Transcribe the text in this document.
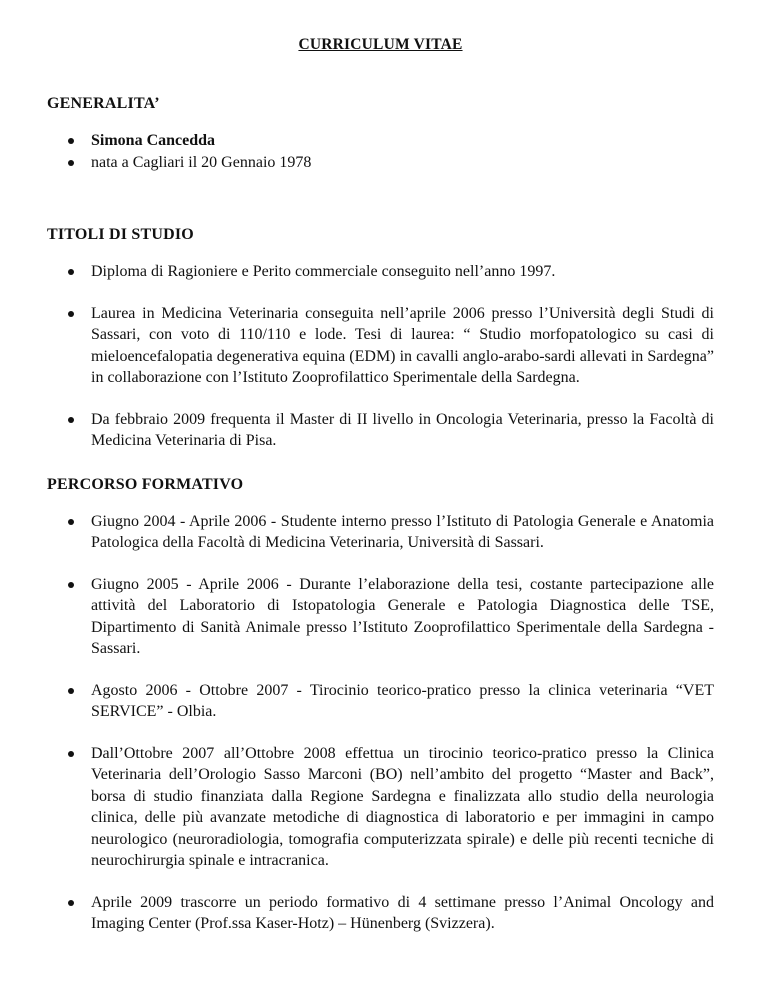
CURRICULUM VITAE
GENERALITA’
Simona Cancedda
nata a Cagliari il 20 Gennaio 1978
TITOLI DI STUDIO
Diploma di Ragioniere e Perito commerciale conseguito nell’anno 1997.
Laurea in Medicina Veterinaria conseguita nell’aprile 2006 presso l’Università degli Studi di Sassari, con voto di 110/110 e lode. Tesi di laurea: “ Studio morfopatologico su casi di mieloencefalopatia degenerativa equina (EDM) in cavalli anglo-arabo-sardi allevati in Sardegna” in collaborazione con l’Istituto Zooprofilattico Sperimentale della Sardegna.
Da febbraio 2009 frequenta il Master di II livello in Oncologia Veterinaria, presso la Facoltà di Medicina Veterinaria di Pisa.
PERCORSO FORMATIVO
Giugno 2004 - Aprile 2006 - Studente interno presso l’Istituto di Patologia Generale e Anatomia Patologica della Facoltà di Medicina Veterinaria, Università di Sassari.
Giugno 2005 - Aprile 2006 - Durante l’elaborazione della tesi, costante partecipazione alle attività del Laboratorio di Istopatologia Generale e Patologia Diagnostica delle TSE, Dipartimento di Sanità Animale presso l’Istituto Zooprofilattico Sperimentale della Sardegna - Sassari.
Agosto 2006 - Ottobre 2007 - Tirocinio teorico-pratico presso la clinica veterinaria “VET SERVICE” - Olbia.
Dall’Ottobre 2007 all’Ottobre 2008 effettua un tirocinio teorico-pratico presso la Clinica Veterinaria dell’Orologio Sasso Marconi (BO) nell’ambito del progetto “Master and Back”, borsa di studio finanziata dalla Regione Sardegna e finalizzata allo studio della neurologia clinica, delle più avanzate metodiche di diagnostica di laboratorio e per immagini in campo neurologico (neuroradiologia, tomografia computerizzata spirale) e delle più recenti tecniche di neurochirurgia spinale e intracranica.
Aprile 2009 trascorre un periodo formativo di 4 settimane presso l’Animal Oncology and Imaging Center (Prof.ssa Kaser-Hotz) – Hünenberg (Svizzera).
